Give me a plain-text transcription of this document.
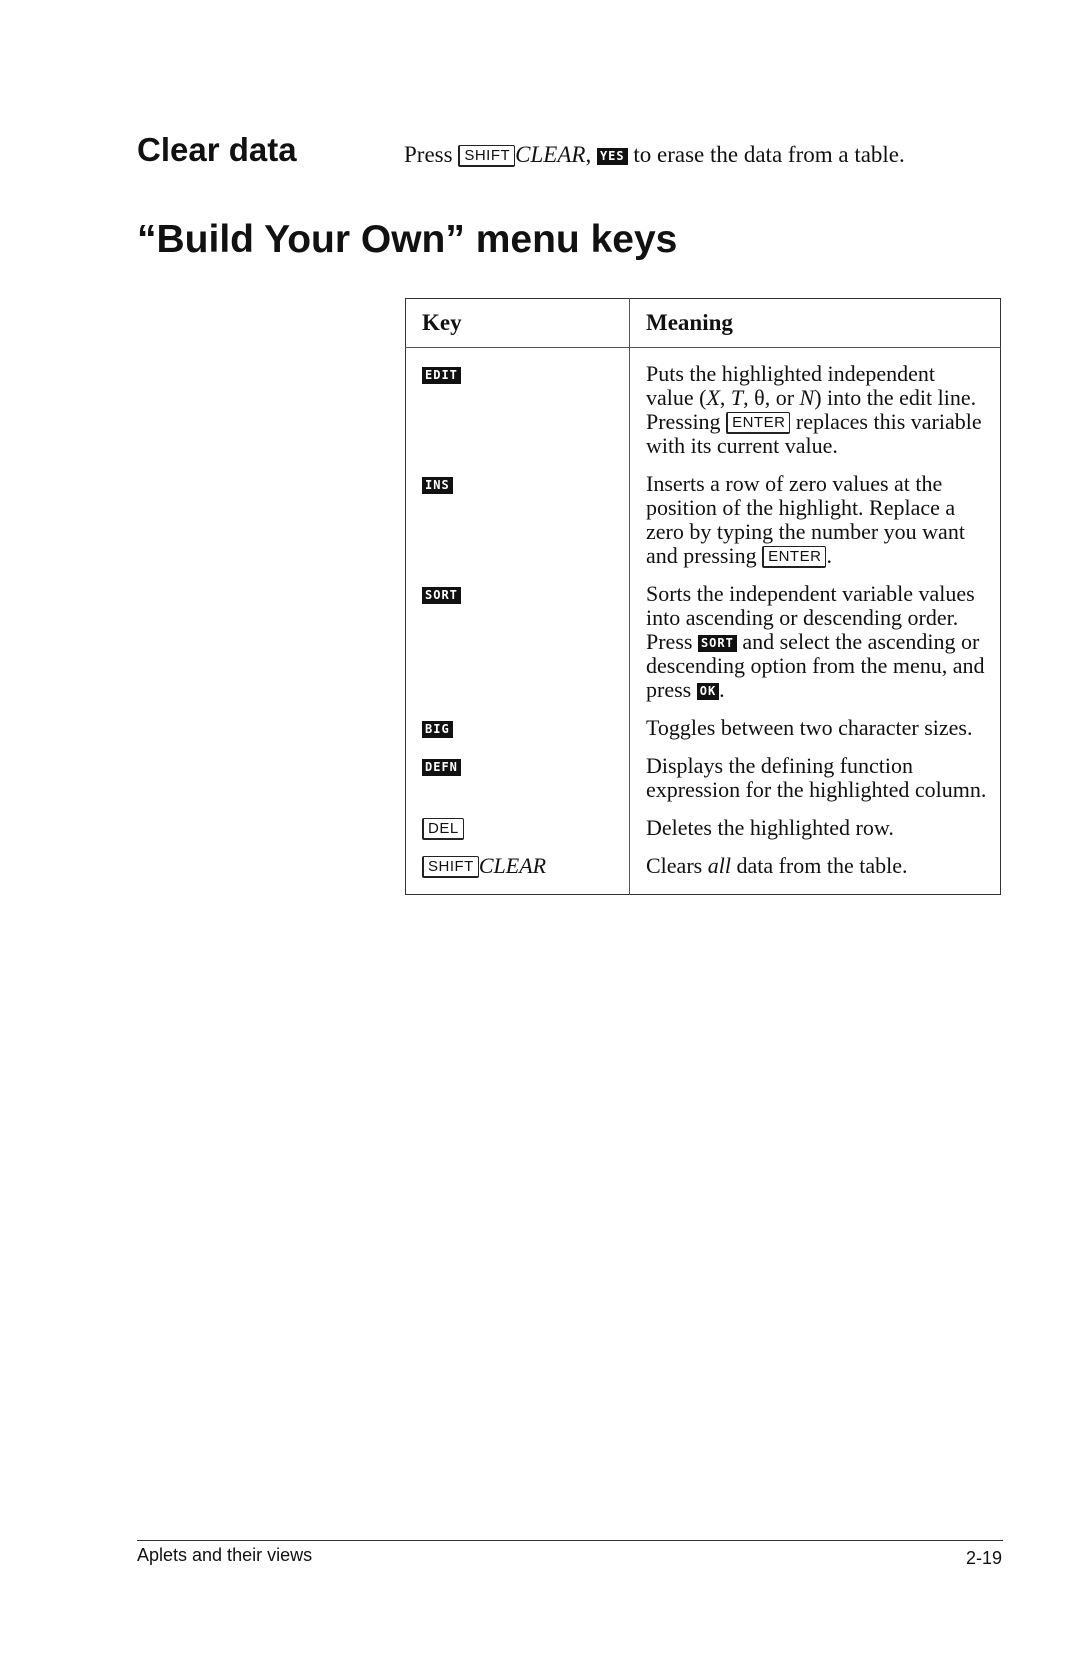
Clear data	Press SHIFT CLEAR, YES to erase the data from a table.
“Build Your Own” menu keys
Key	Meaning
EDIT	Puts the highlighted independent value (X, T, θ, or N) into the edit line. Pressing ENTER replaces this variable with its current value.
INS	Inserts a row of zero values at the position of the highlight. Replace a zero by typing the number you want and pressing ENTER .
SORT	Sorts the independent variable values into ascending or descending order. Press SORT and select the ascending or descending option from the menu, and press OK .
BIG	Toggles between two character sizes.
DEFN	Displays the defining function expression for the highlighted column.
DEL	Deletes the highlighted row.
SHIFT CLEAR	Clears all data from the table.
Aplets and their views	2-19
